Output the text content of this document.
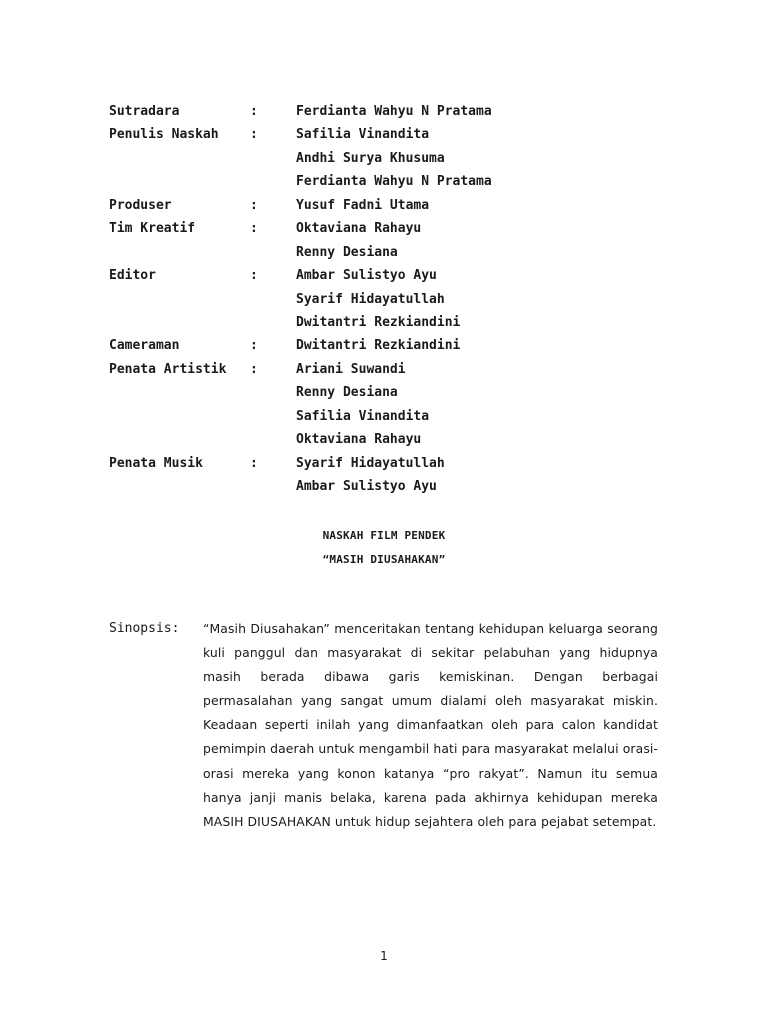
Sutradara	:	Ferdianta Wahyu N Pratama
Penulis Naskah :	Safilia Vinandita
Andhi Surya Khusuma
Ferdianta Wahyu N Pratama
Produser	:	Yusuf Fadni Utama
Tim Kreatif	:	Oktaviana Rahayu
Renny Desiana
Editor	:	Ambar Sulistyo Ayu
Syarif Hidayatullah
Dwitantri Rezkiandini
Cameraman	:	Dwitantri Rezkiandini
Penata Artistik :	Ariani Suwandi
Renny Desiana
Safilia Vinandita
Oktaviana Rahayu
Penata Musik	:	Syarif Hidayatullah
Ambar Sulistyo Ayu
NASKAH FILM PENDEK
“MASIH DIUSAHAKAN”
Sinopsis: “Masih Diusahakan” menceritakan tentang kehidupan keluarga seorang kuli panggul dan masyarakat di sekitar pelabuhan yang hidupnya masih berada dibawa garis kemiskinan. Dengan berbagai permasalahan yang sangat umum dialami oleh masyarakat miskin. Keadaan seperti inilah yang dimanfaatkan oleh para calon kandidat pemimpin daerah untuk mengambil hati para masyarakat melalui orasi-orasi mereka yang konon katanya “pro rakyat”. Namun itu semua hanya janji manis belaka, karena pada akhirnya kehidupan mereka MASIH DIUSAHAKAN untuk hidup sejahtera oleh para pejabat setempat.
1
